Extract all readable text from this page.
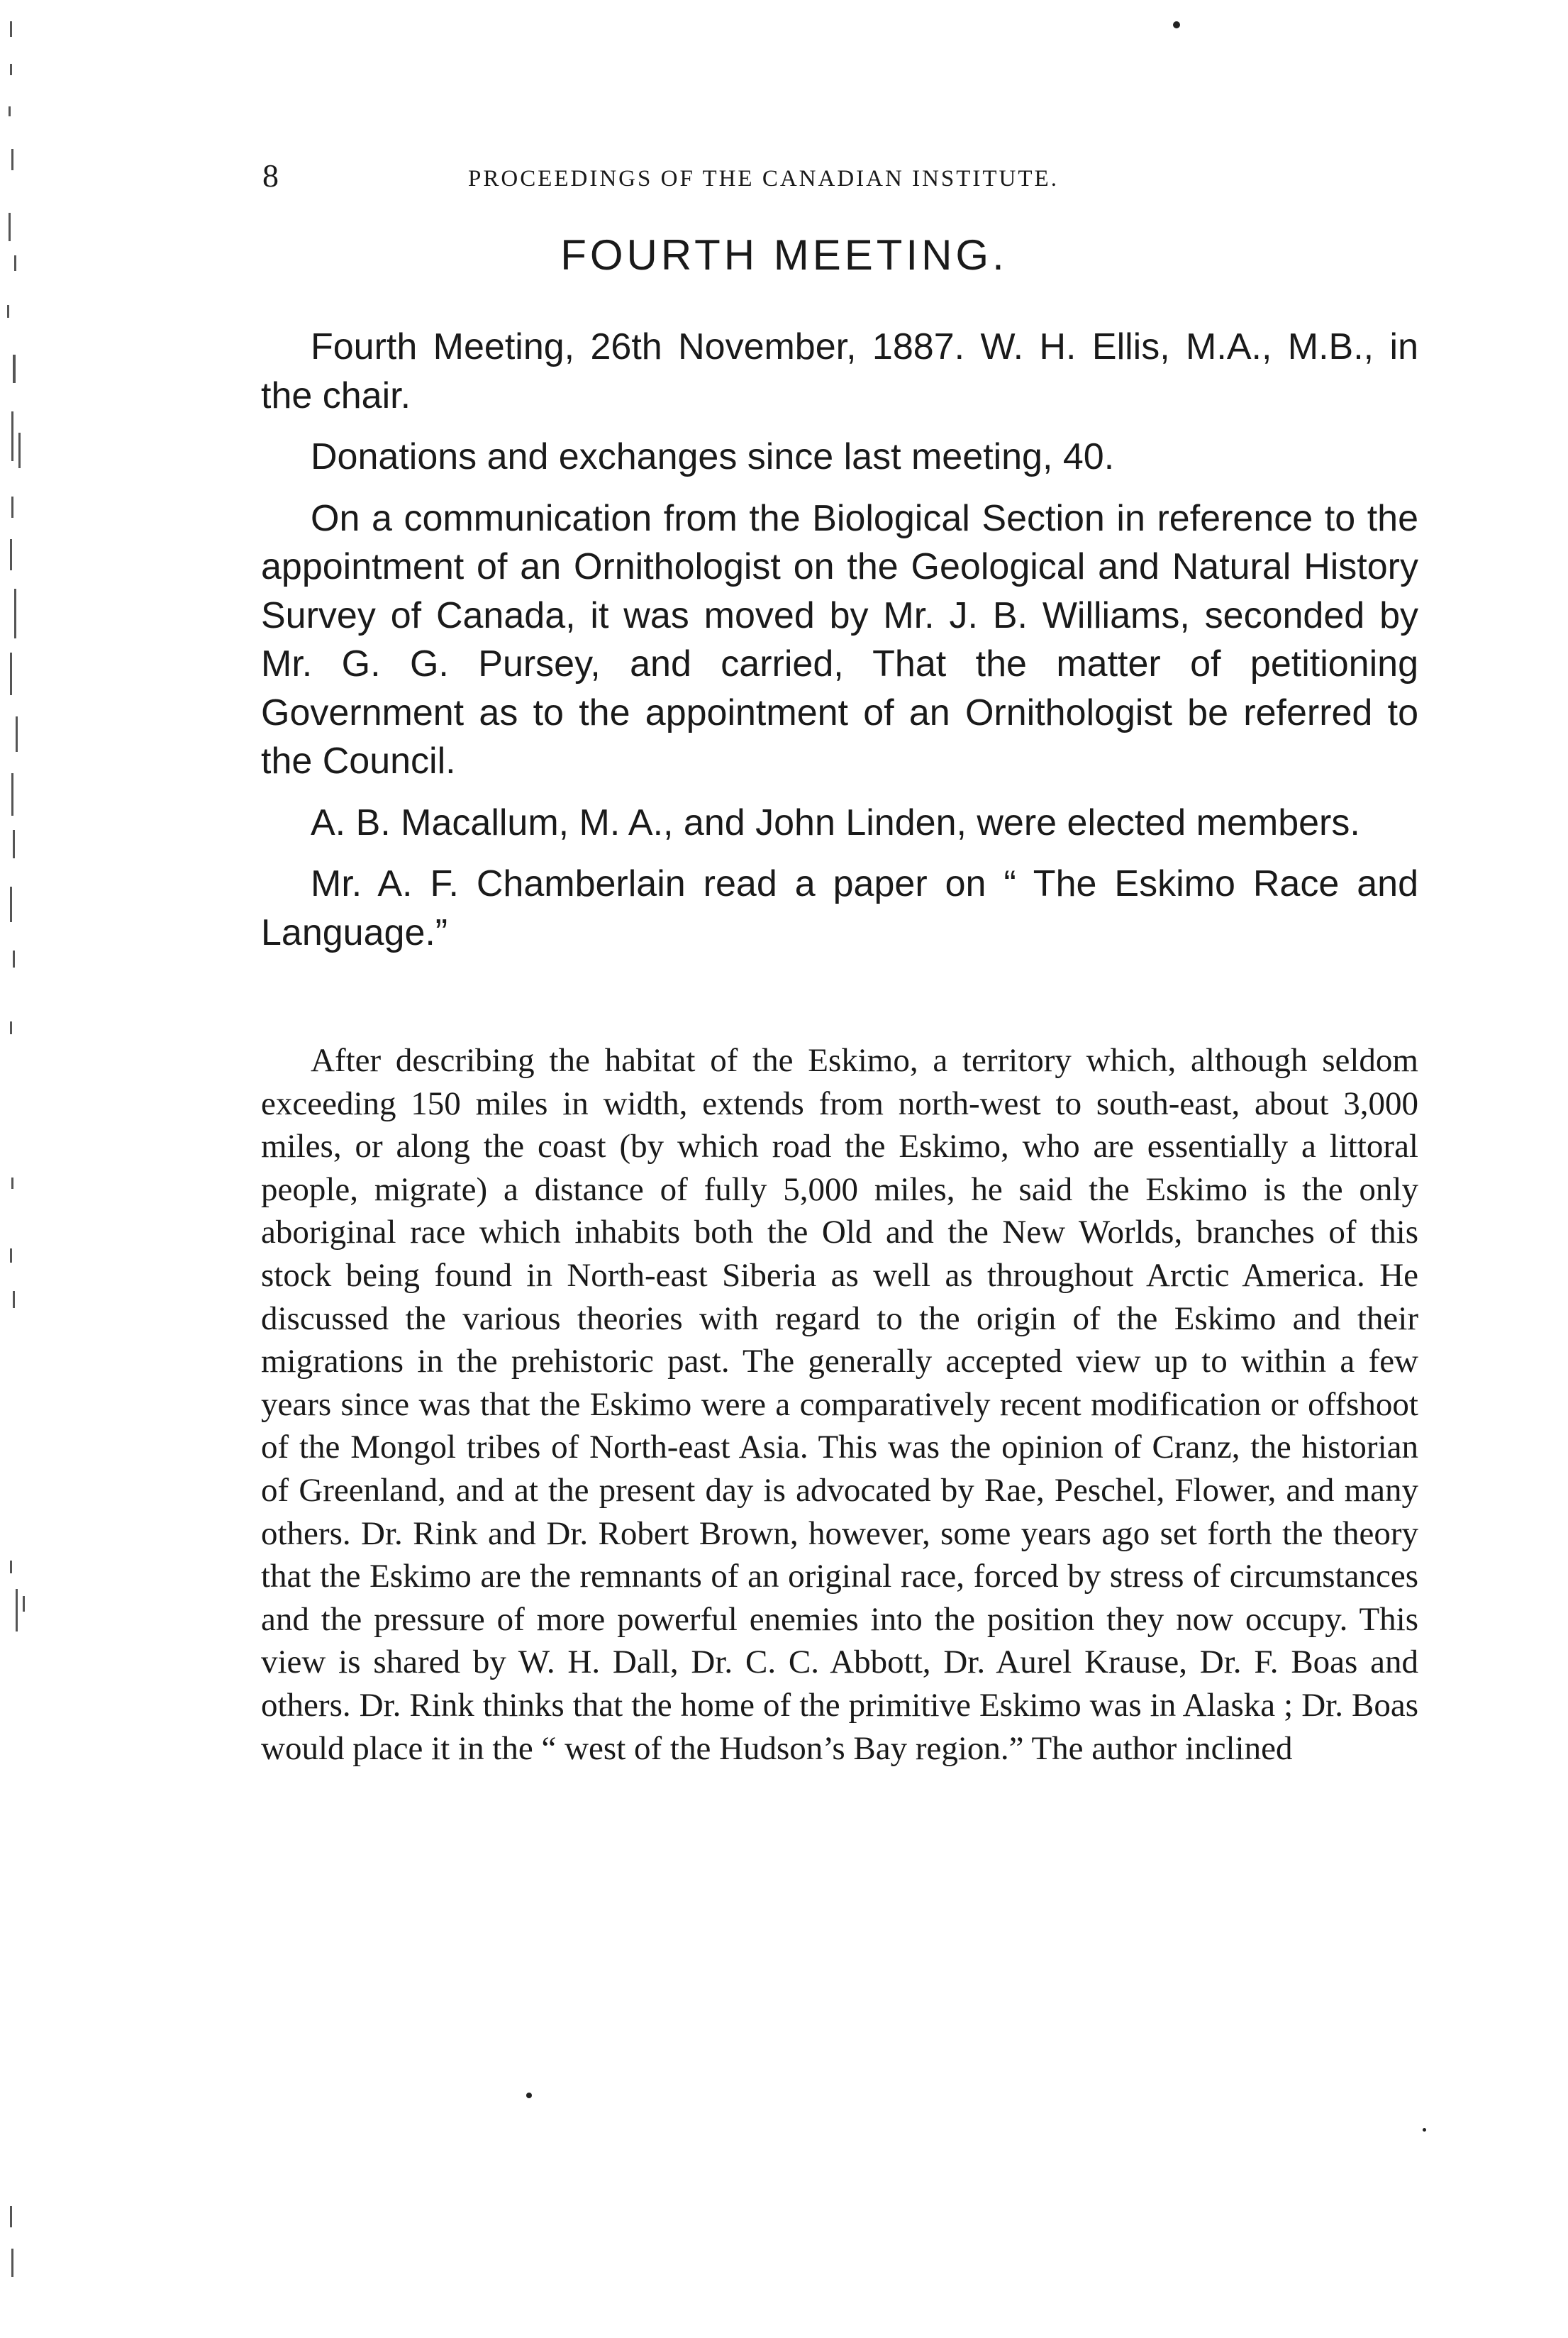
8	PROCEEDINGS OF THE CANADIAN INSTITUTE.
FOURTH MEETING.

Fourth Meeting, 26th November, 1887. W. H. Ellis, M.A., M.B., in the chair.

Donations and exchanges since last meeting, 40.

On a communication from the Biological Section in reference to the appointment of an Ornithologist on the Geological and Natural History Survey of Canada, it was moved by Mr. J. B. Williams, seconded by Mr. G. G. Pursey, and carried, That the matter of petitioning Government as to the appointment of an Ornithologist be referred to the Council.

A. B. Macallum, M. A., and John Linden, were elected members.

Mr. A. F. Chamberlain read a paper on “ The Eskimo Race and Language.”

After describing the habitat of the Eskimo, a territory which, although seldom exceeding 150 miles in width, extends from north-west to south-east, about 3,000 miles, or along the coast (by which road the Eskimo, who are essentially a littoral people, migrate) a distance of fully 5,000 miles, he said the Eskimo is the only aboriginal race which inhabits both the Old and the New Worlds, branches of this stock being found in North-east Siberia as well as throughout Arctic America. He discussed the various theories with regard to the origin of the Eskimo and their migrations in the prehistoric past. The generally accepted view up to within a few years since was that the Eskimo were a comparatively recent modification or offshoot of the Mongol tribes of North-east Asia. This was the opinion of Cranz, the historian of Greenland, and at the present day is advocated by Rae, Peschel, Flower, and many others. Dr. Rink and Dr. Robert Brown, however, some years ago set forth the theory that the Eskimo are the remnants of an original race, forced by stress of circumstances and the pressure of more powerful enemies into the position they now occupy. This view is shared by W. H. Dall, Dr. C. C. Abbott, Dr. Aurel Krause, Dr. F. Boas and others. Dr. Rink thinks that the home of the primitive Eskimo was in Alaska ; Dr. Boas would place it in the “ west of the Hudson’s Bay region.” The author inclined
